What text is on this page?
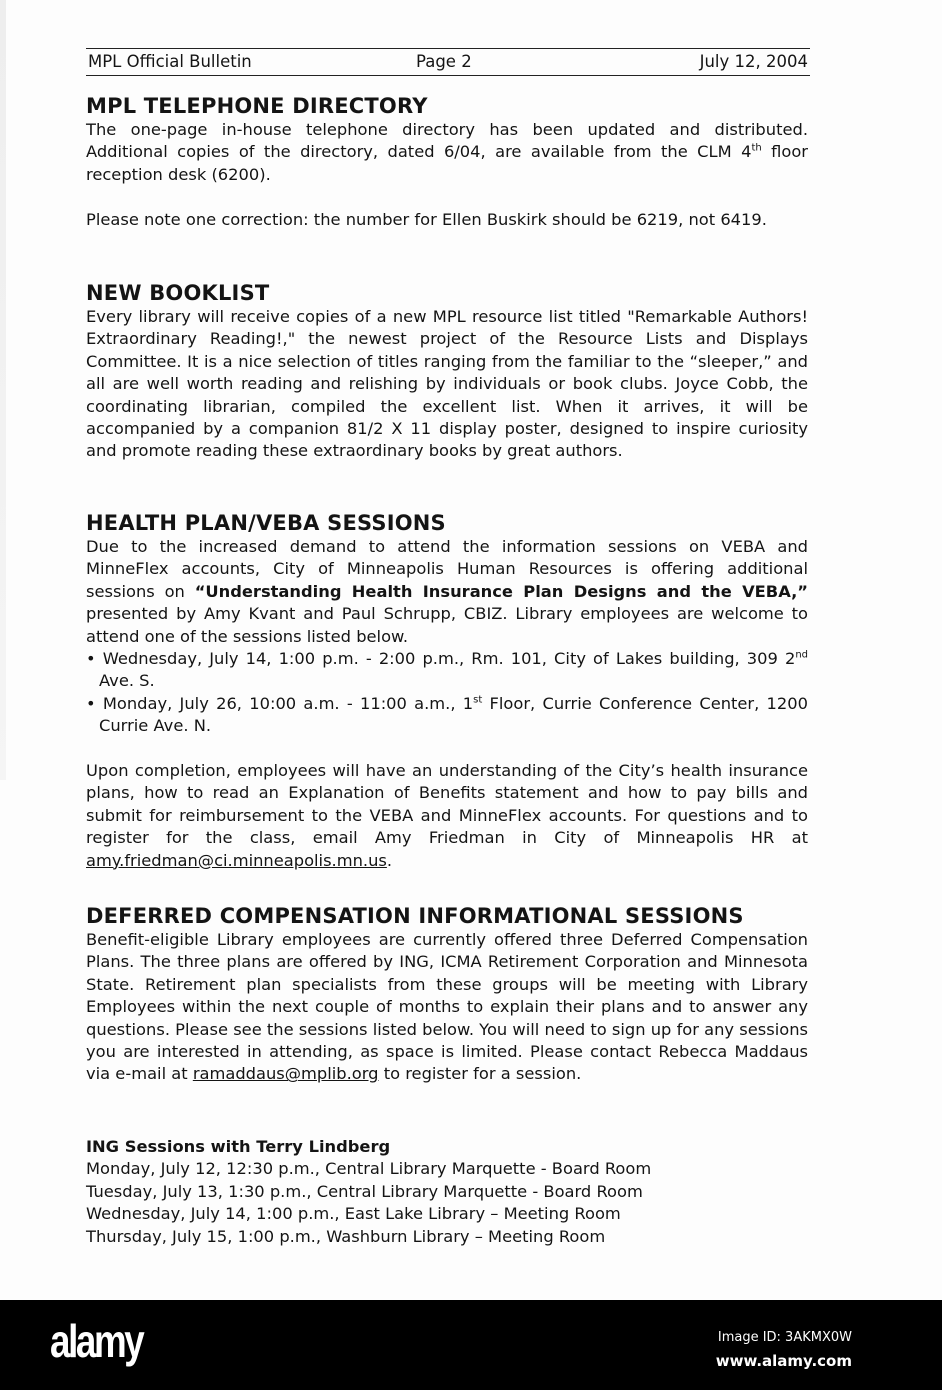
MPL Official Bulletin	Page 2	July 12, 2004
MPL TELEPHONE DIRECTORY

The one-page in-house telephone directory has been updated and distributed. Additional copies of the directory, dated 6/04, are available from the CLM 4th floor reception desk (6200).

Please note one correction: the number for Ellen Buskirk should be 6219, not 6419.

NEW BOOKLIST

Every library will receive copies of a new MPL resource list titled "Remarkable Authors! Extraordinary Reading!," the newest project of the Resource Lists and Displays Committee. It is a nice selection of titles ranging from the familiar to the “sleeper,” and all are well worth reading and relishing by individuals or book clubs. Joyce Cobb, the coordinating librarian, compiled the excellent list. When it arrives, it will be accompanied by a companion 81/2 X 11 display poster, designed to inspire curiosity and promote reading these extraordinary books by great authors.

HEALTH PLAN/VEBA SESSIONS

Due to the increased demand to attend the information sessions on VEBA and MinneFlex accounts, City of Minneapolis Human Resources is offering additional sessions on “Understanding Health Insurance Plan Designs and the VEBA,” presented by Amy Kvant and Paul Schrupp, CBIZ. Library employees are welcome to attend one of the sessions listed below.

• Wednesday, July 14, 1:00 p.m. - 2:00 p.m., Rm. 101, City of Lakes building, 309 2nd Ave. S.

• Monday, July 26, 10:00 a.m. - 11:00 a.m., 1st Floor, Currie Conference Center, 1200 Currie Ave. N.

Upon completion, employees will have an understanding of the City’s health insurance plans, how to read an Explanation of Benefits statement and how to pay bills and submit for reimbursement to the VEBA and MinneFlex accounts. For questions and to register for the class, email Amy Friedman in City of Minneapolis HR at amy.friedman@ci.minneapolis.mn.us.

DEFERRED COMPENSATION INFORMATIONAL SESSIONS

Benefit-eligible Library employees are currently offered three Deferred Compensation Plans. The three plans are offered by ING, ICMA Retirement Corporation and Minnesota State. Retirement plan specialists from these groups will be meeting with Library Employees within the next couple of months to explain their plans and to answer any questions. Please see the sessions listed below. You will need to sign up for any sessions you are interested in attending, as space is limited. Please contact Rebecca Maddaus via e-mail at ramaddaus@mplib.org to register for a session.

ING Sessions with Terry Lindberg

Monday, July 12, 12:30 p.m., Central Library Marquette - Board Room

Tuesday, July 13, 1:30 p.m., Central Library Marquette - Board Room

Wednesday, July 14, 1:00 p.m., East Lake Library – Meeting Room

Thursday, July 15, 1:00 p.m., Washburn Library – Meeting Room

alamy	Image ID: 3AKMX0W
www.alamy.com
